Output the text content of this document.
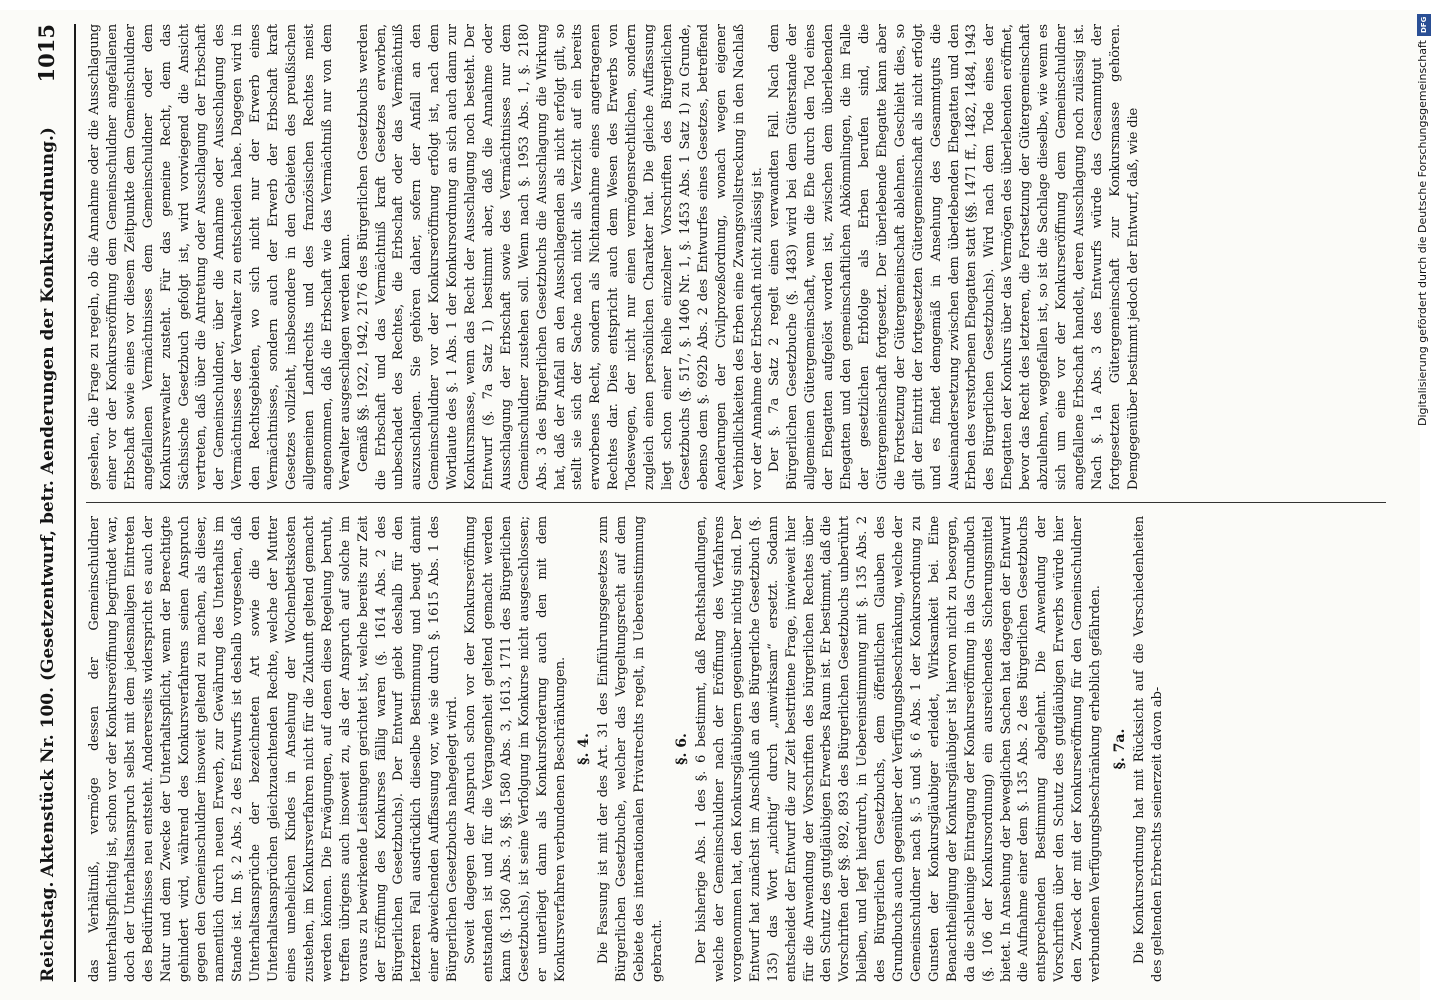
Reichstag.
Aktenstück Nr. 100. (Gesetzentwurf, betr. Aenderungen der Konkursordnung.)
1015

das Verhältniß, vermöge dessen der Gemeinschuldner unterhaltspflichtig ist, schon vor der Konkurseröffnung begründet war, doch der Unterhaltsanspruch selbst mit dem jedesmaligen Eintreten des Bedürfnisses neu entsteht. Andererseits widerspricht es auch der Natur und dem Zwecke der Unterhaltspflicht, wenn der Berechtigte gehindert wird, während des Konkursverfahrens seinen Anspruch gegen den Gemeinschuldner insoweit geltend zu machen, als dieser, namentlich durch neuen Erwerb, zur Gewährung des Unterhalts im Stande ist. Im §. 2 Abs. 2 des Entwurfs ist deshalb vorgesehen, daß Unterhaltsansprüche der bezeichneten Art sowie die den Unterhaltsansprüchen gleichzuachtenden Rechte, welche der Mutter eines unehelichen Kindes in Ansehung der Wochenbettskosten zustehen, im Konkursverfahren nicht für die Zukunft geltend gemacht werden können. Die Erwägungen, auf denen diese Regelung beruht, treffen übrigens auch insoweit zu, als der Anspruch auf solche im voraus zu bewirkende Leistungen gerichtet ist, welche bereits zur Zeit der Eröffnung des Konkurses fällig waren (§. 1614 Abs. 2 des Bürgerlichen Gesetzbuchs). Der Entwurf giebt deshalb für den letzteren Fall ausdrücklich dieselbe Bestimmung und beugt damit einer abweichenden Auffassung vor, wie sie durch §. 1615 Abs. 1 des Bürgerlichen Gesetzbuchs nahegelegt wird. Soweit dagegen der Anspruch schon vor der Konkurseröffnung entstanden ist und für die Vergangenheit geltend gemacht werden kann (§. 1360 Abs. 3, §§. 1580 Abs. 3, 1613, 1711 des Bürgerlichen Gesetzbuchs), ist seine Verfolgung im Konkurse nicht ausgeschlossen; er unterliegt dann als Konkursforderung auch den mit dem Konkursverfahren verbundenen Beschränkungen. §. 4. Die Fassung ist mit der des Art. 31 des Einführungsgesetzes zum Bürgerlichen Gesetzbuche, welcher das Vergeltungsrecht auf dem Gebiete des internationalen Privatrechts regelt, in Uebereinstimmung gebracht.

§. 6. Der bisherige Abs. 1 des §. 6 bestimmt, daß Rechtshandlungen, welche der Gemeinschuldner nach der Eröffnung des Verfahrens vorgenommen hat, den Konkursgläubigern gegenüber nichtig sind. Der Entwurf hat zunächst im Anschluß an das Bürgerliche Gesetzbuch (§. 135) das Wort „nichtig“ durch „unwirksam“ ersetzt. Sodann entscheidet der Entwurf die zur Zeit bestrittene Frage, inwieweit hier für die Anwendung der Vorschriften des bürgerlichen Rechtes über den Schutz des gutgläubigen Erwerbes Raum ist. Er bestimmt, daß die Vorschriften der §§. 892, 893 des Bürgerlichen Gesetzbuchs unberührt bleiben, und legt hierdurch, in Uebereinstimmung mit §. 135 Abs. 2 des Bürgerlichen Gesetzbuchs, dem öffentlichen Glauben des Grundbuchs auch gegenüber der Verfügungsbeschränkung, welche der Gemeinschuldner nach §. 5 und §. 6 Abs. 1 der Konkursordnung zu Gunsten der Konkursgläubiger erleidet, Wirksamkeit bei. Eine Benachtheiligung der Konkursgläubiger ist hiervon nicht zu besorgen, da die schleunige Eintragung der Konkurseröffnung in das Grundbuch (§. 106 der Konkursordnung) ein ausreichendes Sicherungsmittel bietet. In Ansehung der beweglichen Sachen hat dagegen der Entwurf die Aufnahme einer dem §. 135 Abs. 2 des Bürgerlichen Gesetzbuchs entsprechenden Bestimmung abgelehnt. Die Anwendung der Vorschriften über den Schutz des gutgläubigen Erwerbs würde hier den Zweck der mit der Konkurseröffnung für den Gemeinschuldner verbundenen Verfügungsbeschränkung erheblich gefährden. §. 7a. Die Konkursordnung hat mit Rücksicht auf die Verschiedenheiten des geltenden Erbrechts seinerzeit davon ab-

gesehen, die Frage zu regeln, ob die Annahme oder die Ausschlagung einer vor der Konkurseröffnung dem Gemeinschuldner angefallenen Erbschaft sowie eines vor diesem Zeitpunkte dem Gemeinschuldner angefallenen Vermächtnisses dem Gemeinschuldner oder dem Konkursverwalter zusteht. Für das gemeine Recht, dem das Sächsische Gesetzbuch gefolgt ist, wird vorwiegend die Ansicht vertreten, daß über die Antretung oder Ausschlagung der Erbschaft der Gemeinschuldner, über die Annahme oder Ausschlagung des Vermächtnisses der Verwalter zu entscheiden habe. Dagegen wird in den Rechtsgebieten, wo sich nicht nur der Erwerb eines Vermächtnisses, sondern auch der Erwerb der Erbschaft kraft Gesetzes vollzieht, insbesondere in den Gebieten des preußischen allgemeinen Landrechts und des französischen Rechtes meist angenommen, daß die Erbschaft wie das Vermächtniß nur von dem Verwalter ausgeschlagen werden kann. Gemäß §§. 1922, 1942, 2176 des Bürgerlichen Gesetzbuchs werden die Erbschaft und das Vermächtniß kraft Gesetzes erworben, unbeschadet des Rechtes, die Erbschaft oder das Vermächtniß auszuschlagen. Sie gehören daher, sofern der Anfall an den Gemeinschuldner vor der Konkurseröffnung erfolgt ist, nach dem Wortlaute des §. 1 Abs. 1 der Konkursordnung an sich auch dann zur Konkursmasse, wenn das Recht der Ausschlagung noch besteht. Der Entwurf (§. 7a Satz 1) bestimmt aber, daß die Annahme oder Ausschlagung der Erbschaft sowie des Vermächtnisses nur dem Gemeinschuldner zustehen soll. Wenn nach §. 1953 Abs. 1, §. 2180 Abs. 3 des Bürgerlichen Gesetzbuchs die Ausschlagung die Wirkung hat, daß der Anfall an den Ausschlagenden als nicht erfolgt gilt, so stellt sie sich der Sache nach nicht als Verzicht auf ein bereits erworbenes Recht, sondern als Nichtannahme eines angetragenen Rechtes dar. Dies entspricht auch dem Wesen des Erwerbs von Todeswegen, der nicht nur einen vermögensrechtlichen, sondern zugleich einen persönlichen Charakter hat. Die gleiche Auffassung liegt schon einer Reihe einzelner Vorschriften des Bürgerlichen Gesetzbuchs (§. 517, §. 1406 Nr. 1, §. 1453 Abs. 1 Satz 1) zu Grunde, ebenso dem §. 692b Abs. 2 des Entwurfes eines Gesetzes, betreffend Aenderungen der Civilprozeßordnung, wonach wegen eigener Verbindlichkeiten des Erben eine Zwangsvollstreckung in den Nachlaß vor der Annahme der Erbschaft nicht zulässig ist. Der §. 7a Satz 2 regelt einen verwandten Fall. Nach dem Bürgerlichen Gesetzbuche (§. 1483) wird bei dem Güterstande der allgemeinen Gütergemeinschaft, wenn die Ehe durch den Tod eines der Ehegatten aufgelöst worden ist, zwischen dem überlebenden Ehegatten und den gemeinschaftlichen Abkömmlingen, die im Falle der gesetzlichen Erbfolge als Erben berufen sind, die Gütergemeinschaft fortgesetzt. Der überlebende Ehegatte kann aber die Fortsetzung der Gütergemeinschaft ablehnen. Geschieht dies, so gilt der Eintritt der fortgesetzten Gütergemeinschaft als nicht erfolgt und es findet demgemäß in Ansehung des Gesammtguts die Auseinandersetzung zwischen dem überlebenden Ehegatten und den Erben des verstorbenen Ehegatten statt (§§. 1471 ff., 1482, 1484, 1943 des Bürgerlichen Gesetzbuchs). Wird nach dem Tode eines der Ehegatten der Konkurs über das Vermögen des überlebenden eröffnet, bevor das Recht des letzteren, die Fortsetzung der Gütergemeinschaft abzulehnen, weggefallen ist, so ist die Sachlage dieselbe, wie wenn es sich um eine vor der Konkurseröffnung dem Gemeinschuldner angefallene Erbschaft handelt, deren Ausschlagung noch zulässig ist. Nach §. 1a Abs. 3 des Entwurfs würde das Gesammtgut der fortgesetzten Gütergemeinschaft zur Konkursmasse gehören. Demgegenüber bestimmt jedoch der Entwurf, daß, wie die

DFG
Digitalisierung gefördert durch die Deutsche Forschungsgemeinschaft
